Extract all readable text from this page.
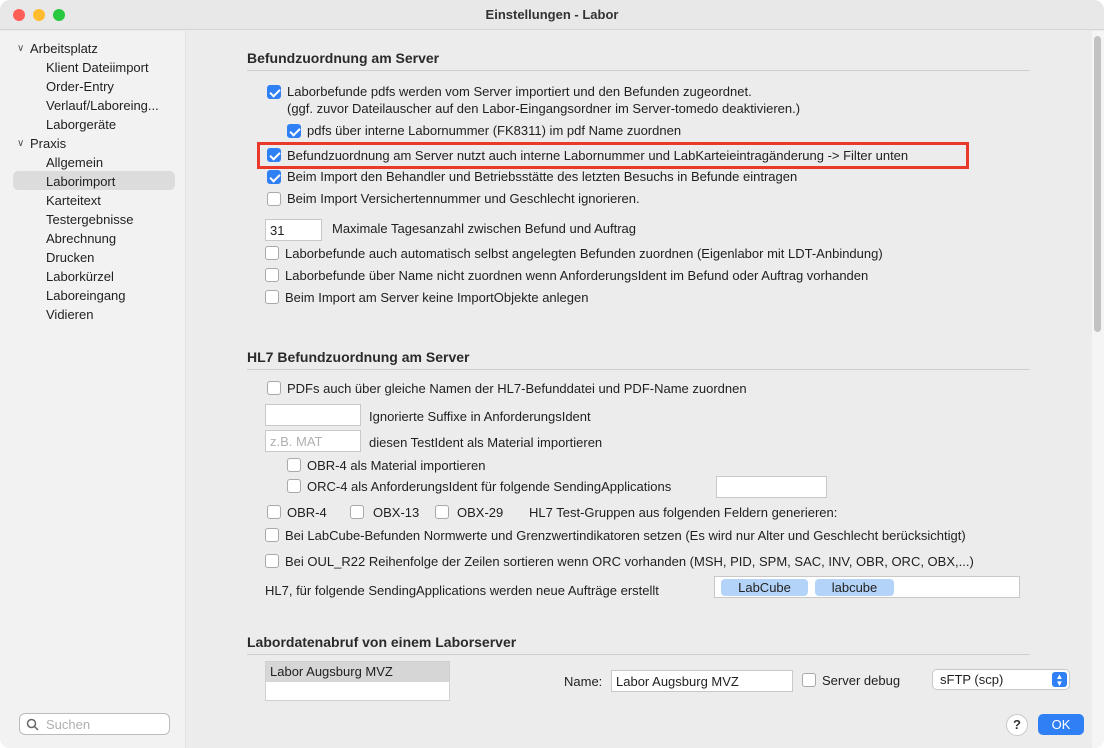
Einstellungen - Labor
∨ Arbeitsplatz
Klient Dateiimport
Order-Entry
Verlauf/Laboreing...
Laborgeräte
∨ Praxis
Allgemein
Laborimport
Karteitext
Testergebnisse
Abrechnung
Drucken
Laborkürzel
Laboreingang
Vidieren
Suchen
Befundzuordnung am Server
Laborbefunde pdfs werden vom Server importiert und den Befunden zugeordnet.
(ggf. zuvor Dateilauscher auf den Labor-Eingangsordner im Server-tomedo deaktivieren.)
pdfs über interne Labornummer (FK8311) im pdf Name zuordnen
Befundzuordnung am Server nutzt auch interne Labornummer und LabKarteieintragänderung -> Filter unten
Beim Import den Behandler und Betriebsstätte des letzten Besuchs in Befunde eintragen
Beim Import Versichertennummer und Geschlecht ignorieren.
31	Maximale Tagesanzahl zwischen Befund und Auftrag
Laborbefunde auch automatisch selbst angelegten Befunden zuordnen (Eigenlabor mit LDT-Anbindung)
Laborbefunde über Name nicht zuordnen wenn AnforderungsIdent im Befund oder Auftrag vorhanden
Beim Import am Server keine ImportObjekte anlegen
HL7 Befundzuordnung am Server
PDFs auch über gleiche Namen der HL7-Befunddatei und PDF-Name zuordnen
Ignorierte Suffixe in AnforderungsIdent
z.B. MAT	diesen TestIdent als Material importieren
OBR-4 als Material importieren
ORC-4 als AnforderungsIdent für folgende SendingApplications
OBR-4	OBX-13	OBX-29 HL7 Test-Gruppen aus folgenden Feldern generieren:
Bei LabCube-Befunden Normwerte und Grenzwertindikatoren setzen (Es wird nur Alter und Geschlecht berücksichtigt)
Bei OUL_R22 Reihenfolge der Zeilen sortieren wenn ORC vorhanden (MSH, PID, SPM, SAC, INV, OBR, ORC, OBX,...)
HL7, für folgende SendingApplications werden neue Aufträge erstellt	LabCube	labcube
Labordatenabruf von einem Laborserver
Labor Augsburg MVZ
Name:	Labor Augsburg MVZ	Server debug	sFTP (scp)	▲
▼
?	OK
